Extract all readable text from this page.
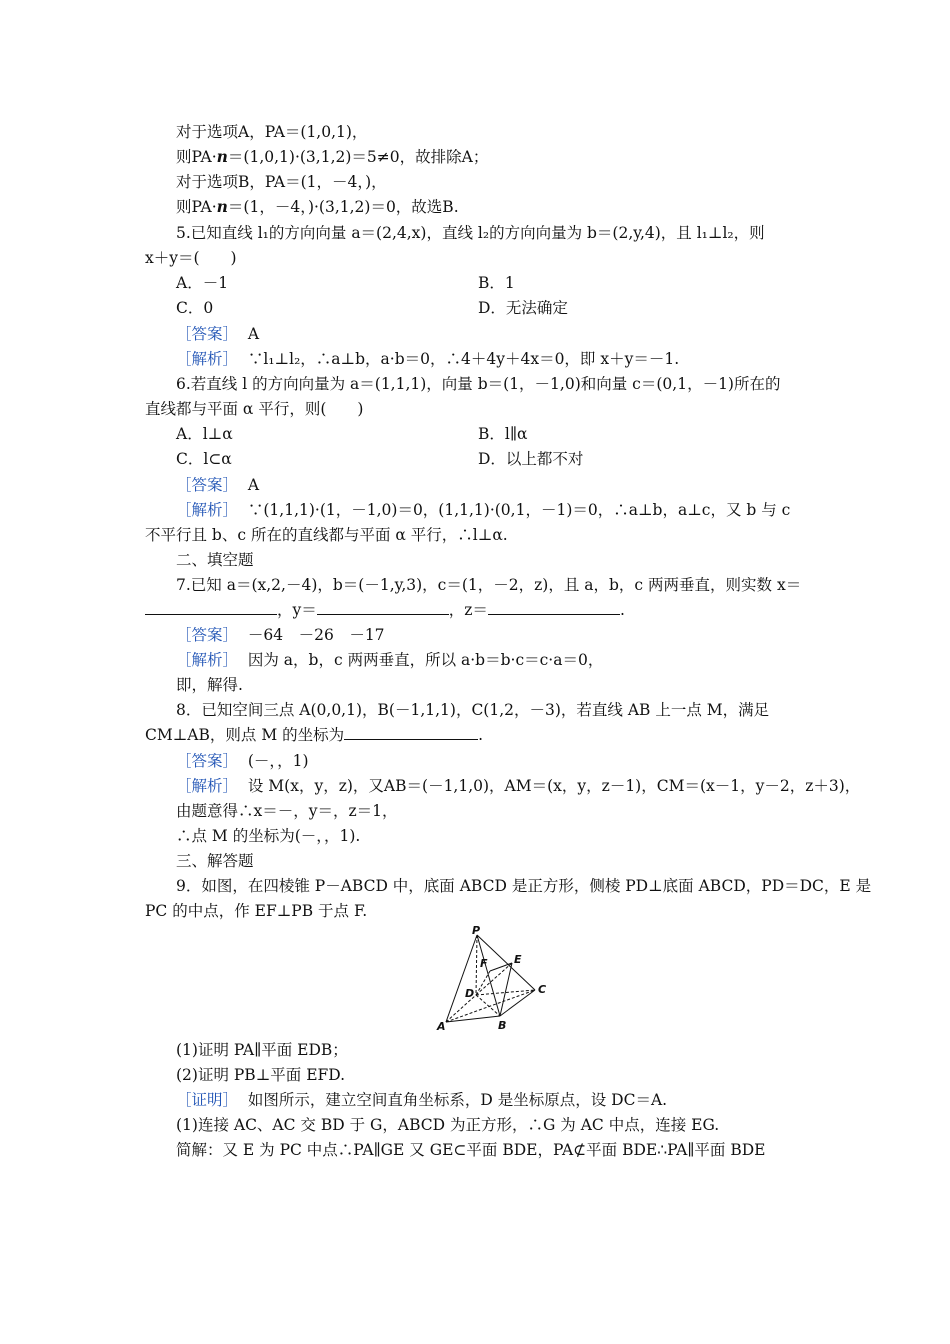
对于选项A，PA＝(1,0,1)，
则PA·n＝(1,0,1)·(3,1,2)＝5≠0，故排除A；
对于选项B，PA＝(1，－4，)，
则PA·n＝(1，－4，)·(3,1,2)＝0，故选B.
5.已知直线 l₁的方向向量 a＝(2,4,x)，直线 l₂的方向向量为 b＝(2,y,4)，且 l₁⊥l₂，则
x＋y＝(　　)
A．－1	B．1
C．0	D．无法确定
［答案］ A
［解析］ ∵l₁⊥l₂，∴a⊥b，a·b＝0，∴4＋4y＋4x＝0，即 x＋y＝－1.
6.若直线 l 的方向向量为 a＝(1,1,1)，向量 b＝(1，－1,0)和向量 c＝(0,1，－1)所在的
直线都与平面 α 平行，则(　　)
A．l⊥α	B．l∥α
C．l⊂α	D．以上都不对
［答案］ A
［解析］ ∵(1,1,1)·(1，－1,0)＝0，(1,1,1)·(0,1，－1)＝0，∴a⊥b，a⊥c，又 b 与 c
不平行且 b、c 所在的直线都与平面 α 平行，∴l⊥α.
二、填空题
7.已知 a＝(x,2,－4)，b＝(－1,y,3)，c＝(1，－2，z)，且 a，b，c 两两垂直，则实数 x＝
，y＝	，z＝	.
［答案］ －64　－26　－17
［解析］ 因为 a，b，c 两两垂直，所以 a·b＝b·c＝c·a＝0，
即，解得.
8．已知空间三点 A(0,0,1)，B(－1,1,1)，C(1,2，－3)，若直线 AB 上一点 M，满足
CM⊥AB，则点 M 的坐标为	.
［答案］ (－，，1)
［解析］ 设 M(x，y，z)，又AB＝(－1,1,0)，AM＝(x，y，z－1)，CM＝(x－1，y－2，z＋3)，
由题意得∴x＝－，y＝，z＝1，
∴点 M 的坐标为(－，，1).
三、解答题
9．如图，在四棱锥 P－ABCD 中，底面 ABCD 是正方形，侧棱 PD⊥底面 ABCD，PD＝DC，E 是
PC 的中点，作 EF⊥PB 于点 F.
P
F E
D	C
A	B
(1)证明 PA∥平面 EDB；
(2)证明 PB⊥平面 EFD.
［证明］ 如图所示，建立空间直角坐标系，D 是坐标原点，设 DC＝A.
(1)连接 AC、AC 交 BD 于 G，ABCD 为正方形，∴G 为 AC 中点，连接 EG.
简解：又 E 为 PC 中点∴PA∥GE 又 GE⊂平面 BDE，PA⊄平面 BDE∴PA∥平面 BDE
